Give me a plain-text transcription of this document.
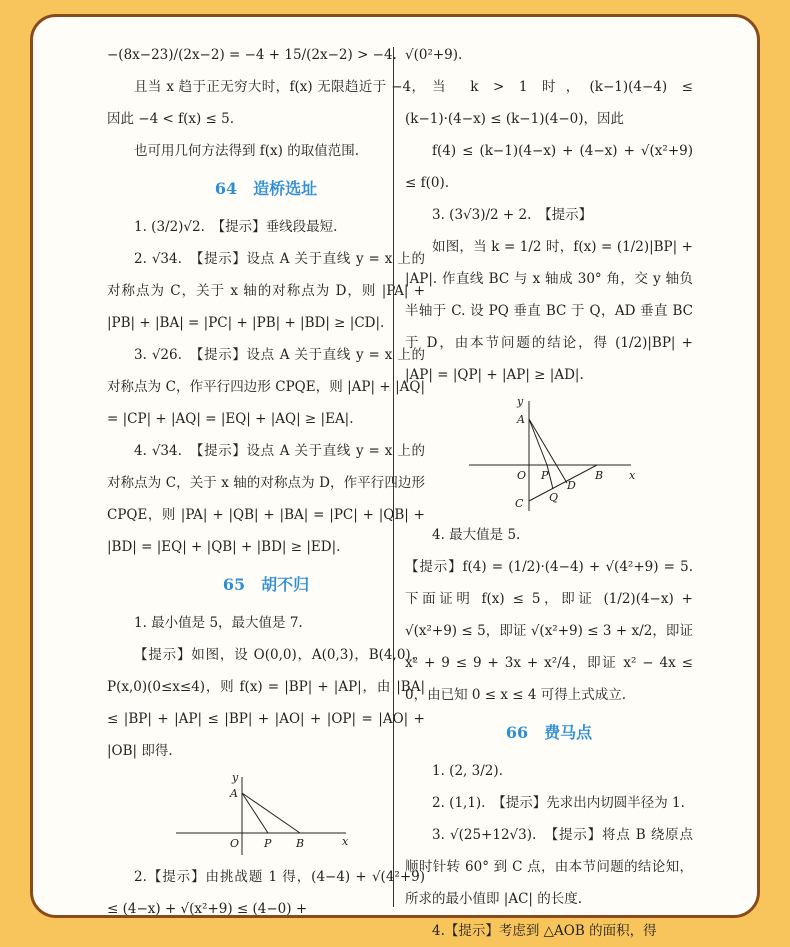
−(8x−23)/(2x−2) = −4 + 15/(2x−2) > −4.

且当 x 趋于正无穷大时，f(x) 无限趋近于 −4，因此 −4 < f(x) ≤ 5.

也可用几何方法得到 f(x) 的取值范围.

64　造桥选址

1. (3/2)√2.　【提示】垂线段最短.

2. √34.　【提示】设点 A 关于直线 y = x 上的对称点为 C，关于 x 轴的对称点为 D，则 |PA| + |PB| + |BA| = |PC| + |PB| + |BD| ≥ |CD|.

3. √26.　【提示】设点 A 关于直线 y = x 上的对称点为 C，作平行四边形 CPQE，则 |AP| + |AQ| = |CP| + |AQ| = |EQ| + |AQ| ≥ |EA|.

4. √34.　【提示】设点 A 关于直线 y = x 上的对称点为 C，关于 x 轴的对称点为 D，作平行四边形 CPQE，则 |PA| + |QB| + |BA| = |PC| + |QB| + |BD| = |EQ| + |QB| + |BD| ≥ |ED|.

65　胡不归

1. 最小值是 5，最大值是 7.

【提示】如图，设 O(0,0)，A(0,3)，B(4,0)，P(x,0)(0≤x≤4)，则 f(x) = |BP| + |AP|，由 |BA| ≤ |BP| + |AP| ≤ |BP| + |AO| + |OP| = |AO| + |OB| 即得.

y
A
O P B	x

2.【提示】由挑战题 1 得，(4−4) + √(4²+9) ≤ (4−x) + √(x²+9) ≤ (4−0) +

√(0²+9).

当 k > 1 时，(k−1)(4−4) ≤ (k−1)·(4−x) ≤ (k−1)(4−0)，因此

f(4) ≤ (k−1)(4−x) + (4−x) + √(x²+9) ≤ f(0).

3. (3√3)/2 + 2.　【提示】

如图，当 k = 1/2 时，f(x) = (1/2)|BP| + |AP|. 作直线 BC 与 x 轴成 30° 角，交 y 轴负半轴于 C. 设 PQ 垂直 BC 于 Q，AD 垂直 BC 于 D，由本节问题的结论，得 (1/2)|BP| + |AP| = |QP| + |AP| ≥ |AD|.

y
A
O P
D
B x
Q
C

4. 最大值是 5.

【提示】f(4) = (1/2)·(4−4) + √(4²+9) = 5. 下面证明 f(x) ≤ 5，即证 (1/2)(4−x) + √(x²+9) ≤ 5，即证 √(x²+9) ≤ 3 + x/2，即证 x² + 9 ≤ 9 + 3x + x²/4，即证 x² − 4x ≤ 0，由已知 0 ≤ x ≤ 4 可得上式成立.

66　费马点

1. (2, 3/2).

2. (1,1).　【提示】先求出内切圆半径为 1.

3. √(25+12√3).　【提示】将点 B 绕原点顺时针转 60° 到 C 点，由本节问题的结论知，所求的最小值即 |AC| 的长度.

4.【提示】考虑到 △AOB 的面积，得
